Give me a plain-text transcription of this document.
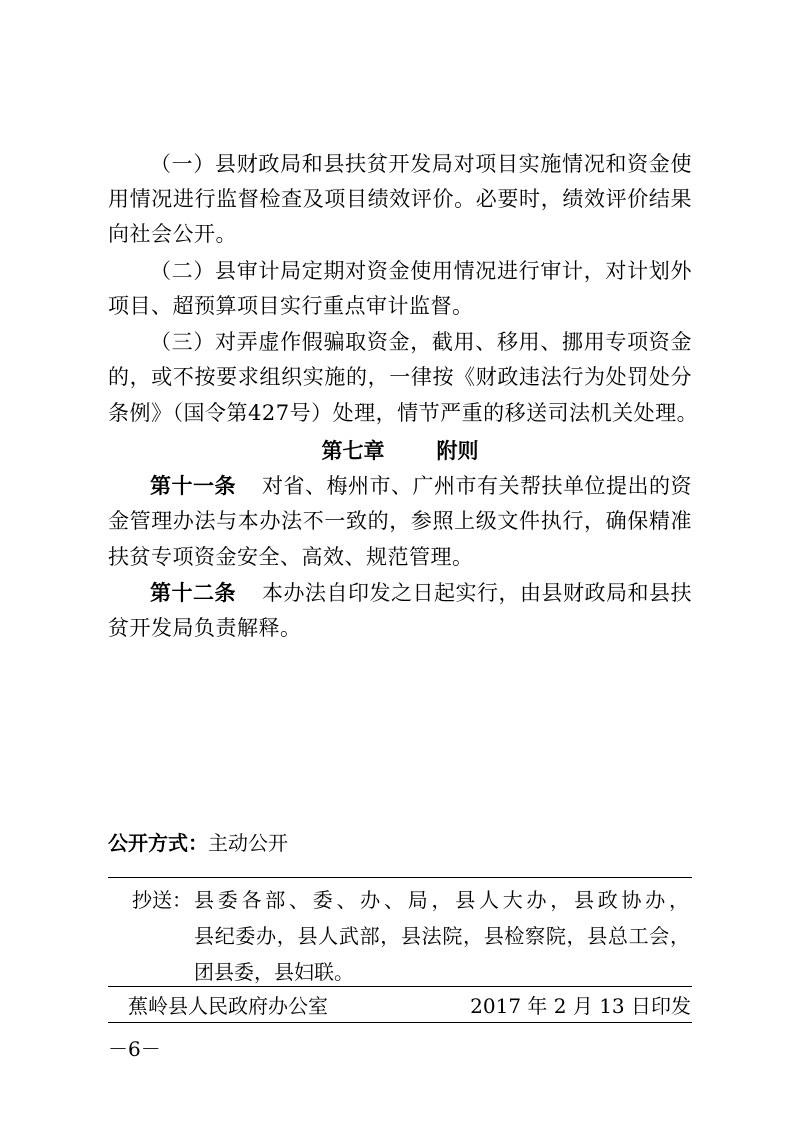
（一）县财政局和县扶贫开发局对项目实施情况和资金使
用情况进行监督检查及项目绩效评价。必要时，绩效评价结果
向社会公开。
（二）县审计局定期对资金使用情况进行审计，对计划外
项目、超预算项目实行重点审计监督。
（三）对弄虚作假骗取资金，截用、移用、挪用专项资金
的，或不按要求组织实施的，一律按《财政违法行为处罚处分
条例》（国令第427号）处理，情节严重的移送司法机关处理。
第七章 附则
第十一条 对省、梅州市、广州市有关帮扶单位提出的资
金管理办法与本办法不一致的，参照上级文件执行，确保精准
扶贫专项资金安全、高效、规范管理。
第十二条 本办法自印发之日起实行，由县财政局和县扶
贫开发局负责解释。
公开方式：主动公开
抄送： 县委各部、委、办、局，县人大办，县政协办，
县纪委办，县人武部，县法院，县检察院，县总工会，
团县委，县妇联。
蕉岭县人民政府办公室	2017 年 2 月 13 日印发
－6－
